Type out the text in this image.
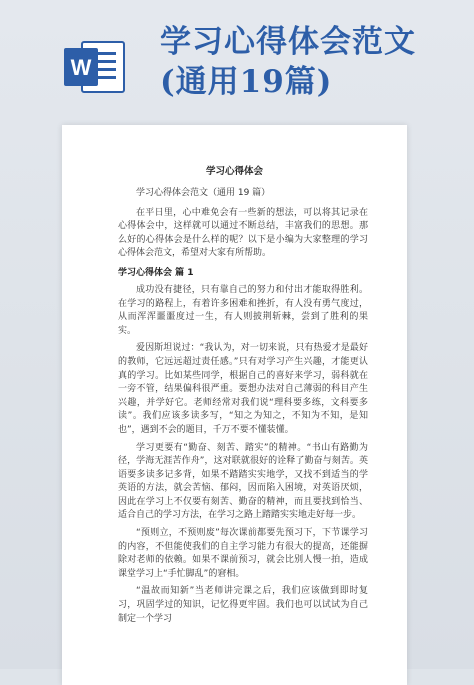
W
学习心得体会范文
(通用19篇)
学习心得体会

学习心得体会范文（通用 19 篇）

在平日里，心中难免会有一些新的想法，可以将其记录在心得体会中，这样就可以通过不断总结，丰富我们的思想。那么好的心得体会是什么样的呢？以下是小编为大家整理的学习心得体会范文，希望对大家有所帮助。

学习心得体会 篇 1

成功没有捷径，只有靠自己的努力和付出才能取得胜利。在学习的路程上，有着许多困难和挫折，有人没有勇气度过，从而浑浑噩噩度过一生，有人则披荆斩棘，尝到了胜利的果实。

爱因斯坦说过：“我认为，对一切来说，只有热爱才是最好的教师，它远远超过责任感。”只有对学习产生兴趣，才能更认真的学习。比如某些同学，根据自己的喜好来学习，弱科就在一旁不管，结果偏科很严重。要想办法对自己薄弱的科目产生兴趣，并学好它。老师经常对我们说“理科要多练，文科要多读”。我们应该多读多写，“知之为知之，不知为不知，是知也”，遇到不会的题目，千万不要不懂装懂。

学习更要有“勤奋、刻苦、踏实”的精神。“书山有路勤为径，学海无涯苦作舟”，这对联就很好的诠释了勤奋与刻苦。英语要多读多记多背，如果不踏踏实实地学，又找不到适当的学英语的方法，就会苦恼、郁闷，因而陷入困境，对英语厌烦，因此在学习上不仅要有刻苦、勤奋的精神，而且要找到恰当、适合自己的学习方法，在学习之路上踏踏实实地走好每一步。

“预则立，不预则废”每次课前都要先预习下，下节课学习的内容，不但能使我们的自主学习能力有很大的提高，还能摒除对老师的依赖。如果不课前预习，就会比别人慢一拍，造成课堂学习上“手忙脚乱”的窘相。

“温故而知新”当老师讲完课之后，我们应该做到即时复习，巩固学过的知识，记忆得更牢固。我们也可以试试为自己制定一个学习
